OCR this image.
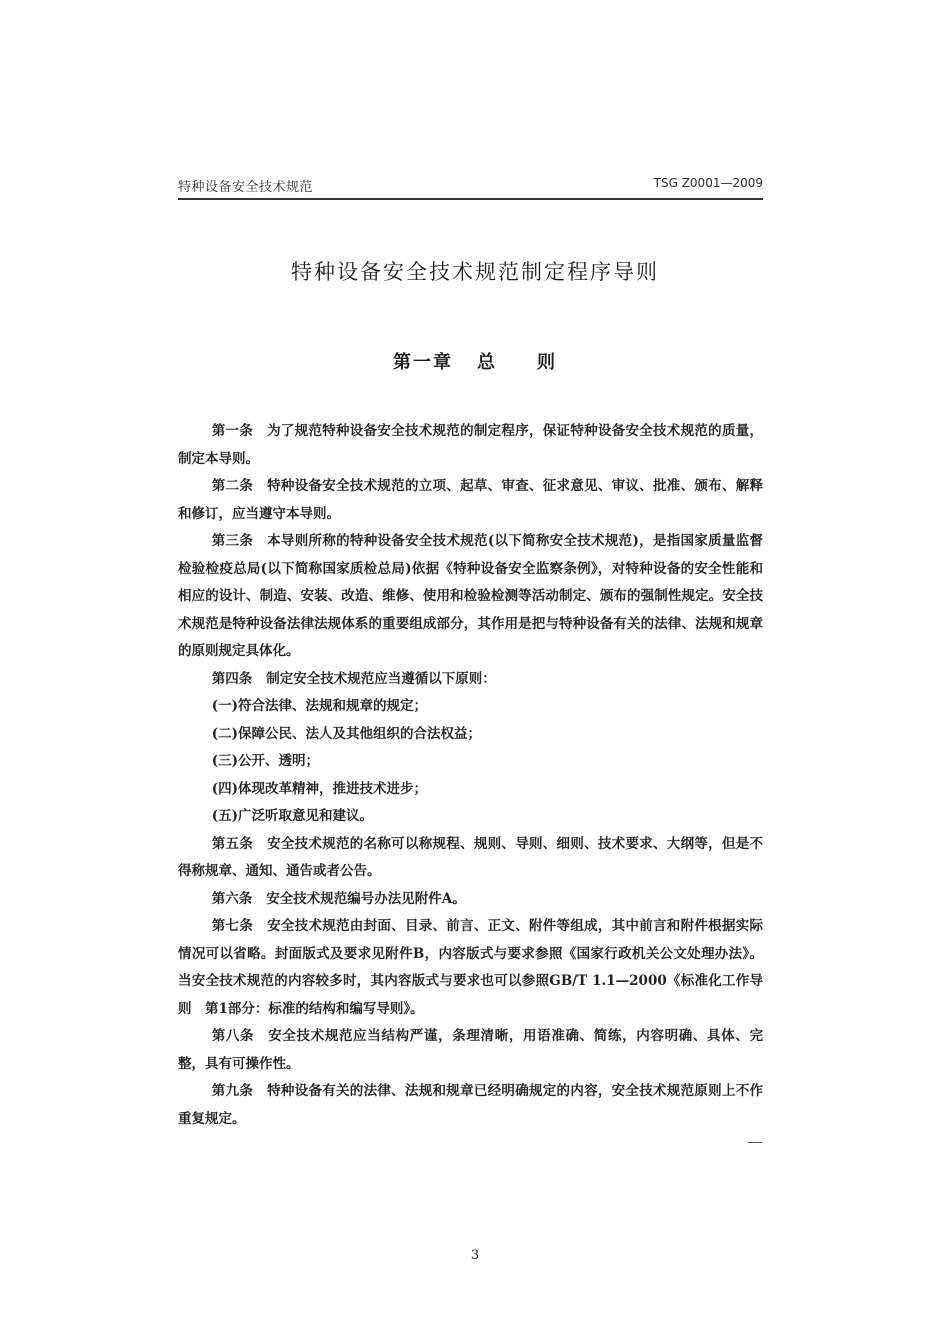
特种设备安全技术规范	TSG Z0001—2009
特种设备安全技术规范制定程序导则
第一章 总 则

第一条 为了规范特种设备安全技术规范的制定程序，保证特种设备安全技术规范的质量，制定本导则。

第二条 特种设备安全技术规范的立项、起草、审查、征求意见、审议、批准、颁布、解释和修订，应当遵守本导则。

第三条 本导则所称的特种设备安全技术规范(以下简称安全技术规范)，是指国家质量监督检验检疫总局(以下简称国家质检总局)依据《特种设备安全监察条例》，对特种设备的安全性能和相应的设计、制造、安装、改造、维修、使用和检验检测等活动制定、颁布的强制性规定。安全技术规范是特种设备法律法规体系的重要组成部分，其作用是把与特种设备有关的法律、法规和规章的原则规定具体化。

第四条 制定安全技术规范应当遵循以下原则：

(一)符合法律、法规和规章的规定；

(二)保障公民、法人及其他组织的合法权益；

(三)公开、透明；

(四)体现改革精神，推进技术进步；

(五)广泛听取意见和建议。

第五条 安全技术规范的名称可以称规程、规则、导则、细则、技术要求、大纲等，但是不得称规章、通知、通告或者公告。

第六条 安全技术规范编号办法见附件A。

第七条 安全技术规范由封面、目录、前言、正文、附件等组成，其中前言和附件根据实际情况可以省略。封面版式及要求见附件B，内容版式与要求参照《国家行政机关公文处理办法》。当安全技术规范的内容较多时，其内容版式与要求也可以参照GB/T 1.1—2000《标准化工作导则　第1部分：标准的结构和编写导则》。

第八条 安全技术规范应当结构严谨，条理清晰，用语准确、简练，内容明确、具体、完整，具有可操作性。

第九条 特种设备有关的法律、法规和规章已经明确规定的内容，安全技术规范原则上不作重复规定。

3
